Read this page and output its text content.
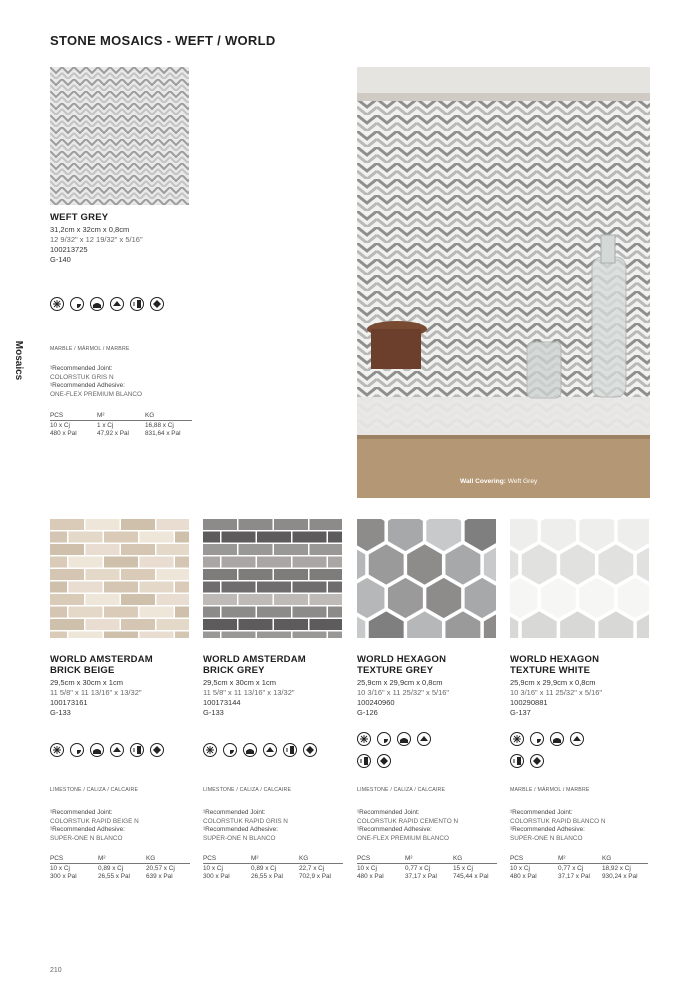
STONE MOSAICS - WEFT / WORLD
Mosaics
Wall Covering: Weft Grey
WEFT GREY
31,2cm x 32cm x 0,8cm
12 9/32" x 12 19/32" x 5/16"
100213725
G-140
MARBLE / MÁRMOL / MARBRE
¹Recommended Joint:
COLORSTUK GRIS N
¹Recommended Adhesive:
ONE-FLEX PREMIUM BLANCO
PCS	M²	KG
10 x Cj	1 x Cj	16,88 x Cj
480 x Pal	47,92 x Pal	831,64 x Pal
WORLD AMSTERDAM
BRICK BEIGE
29,5cm x 30cm x 1cm
11 5/8" x 11 13/16" x 13/32"
100173161
G-133
WORLD AMSTERDAM
BRICK GREY
29,5cm x 30cm x 1cm
11 5/8" x 11 13/16" x 13/32"
100173144
G-133
WORLD HEXAGON
TEXTURE GREY
25,9cm x 29,9cm x 0,8cm
10 3/16" x 11 25/32" x 5/16"
100240960
G-126
WORLD HEXAGON
TEXTURE WHITE
25,9cm x 29,9cm x 0,8cm
10 3/16" x 11 25/32" x 5/16"
100290881
G-137
LIMESTONE / CALIZA / CALCAIRE
¹Recommended Joint:
COLORSTUK RAPID BEIGE N
¹Recommended Adhesive:
SUPER-ONE N BLANCO
PCS	M²	KG
10 x Cj	0,89 x Cj	20,57 x Cj
300 x Pal	26,55 x Pal	639 x Pal
LIMESTONE / CALIZA / CALCAIRE
¹Recommended Joint:
COLORSTUK RAPID GRIS N
¹Recommended Adhesive:
SUPER-ONE N BLANCO
PCS	M²	KG
10 x Cj	0,89 x Cj	22,7 x Cj
300 x Pal	26,55 x Pal	702,9 x Pal
LIMESTONE / CALIZA / CALCAIRE
¹Recommended Joint:
COLORSTUK RAPID CEMENTO N
¹Recommended Adhesive:
ONE-FLEX PREMIUM BLANCO
PCS	M²	KG
10 x Cj	0,77 x Cj	15 x Cj
480 x Pal	37,17 x Pal	745,44 x Pal
MARBLE / MÁRMOL / MARBRE
¹Recommended Joint:
COLORSTUK RAPID BLANCO N
¹Recommended Adhesive:
SUPER-ONE N BLANCO
PCS	M²	KG
10 x Cj	0,77 x Cj	18,92 x Cj
480 x Pal	37,17 x Pal	930,24 x Pal
210
